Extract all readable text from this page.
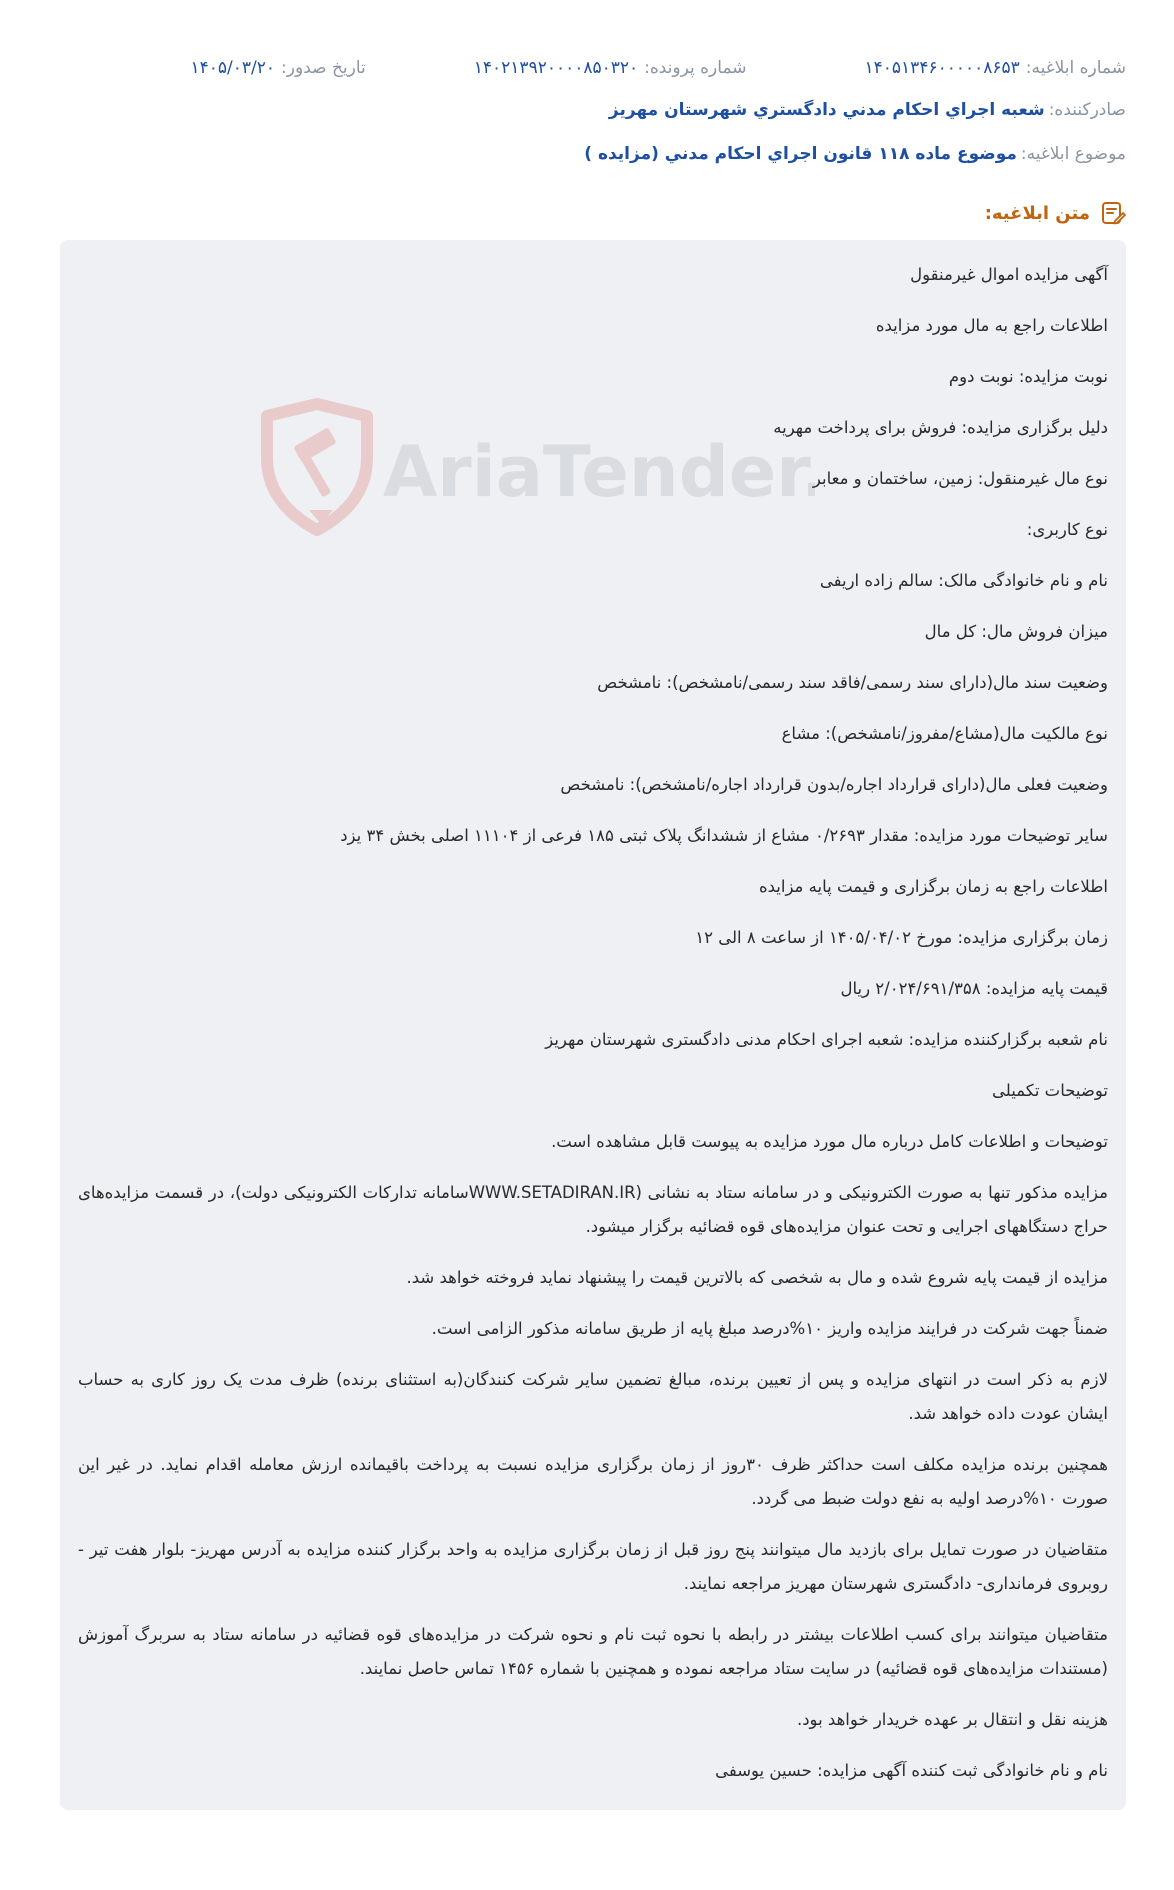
شماره ابلاغیه:
۱۴۰۵۱۳۴۶۰۰۰۰۰۸۶۵۳
شماره پرونده:
۱۴۰۲۱۳۹۲۰۰۰۰۸۵۰۳۲۰
تاریخ صدور:
۱۴۰۵/۰۳/۲۰
صادرکننده:
شعبه اجراي احكام مدني دادگستري شهرستان مهريز
موضوع ابلاغیه:
موضوع ماده ۱۱۸ قانون اجراي احكام مدني (مزايده )
متن ابلاغیه:
AriaTender

آگهی مزایده اموال غیرمنقول

اطلاعات راجع به مال مورد مزایده

نوبت مزایده: نوبت دوم

دلیل برگزاری مزایده: فروش برای پرداخت مهریه

نوع مال غیرمنقول: زمین، ساختمان و معابر

نوع کاربری:

نام و نام خانوادگی مالک: سالم زاده اریفی

میزان فروش مال: کل مال

وضعیت سند مال(دارای سند رسمی/فاقد سند رسمی/نامشخص): نامشخص

نوع مالکیت مال(مشاع/مفروز/نامشخص): مشاع

وضعیت فعلی مال(دارای قرارداد اجاره/بدون قرارداد اجاره/نامشخص): نامشخص

سایر توضیحات مورد مزایده: مقدار ۰/۲۶۹۳ مشاع از ششدانگ پلاک ثبتی ۱۸۵ فرعی از ۱۱۱۰۴ اصلی بخش ۳۴ یزد

اطلاعات راجع به زمان برگزاری و قیمت پایه مزایده

زمان برگزاری مزایده: مورخ ۱۴۰۵/۰۴/۰۲ از ساعت ۸ الی ۱۲

قیمت پایه مزایده: ۲/۰۲۴/۶۹۱/۳۵۸ ریال

نام شعبه برگزارکننده مزایده: شعبه اجرای احکام مدنی دادگستری شهرستان مهریز

توضیحات تکمیلی

توضیحات و اطلاعات کامل درباره مال مورد مزایده به پیوست قابل مشاهده است.

مزایده مذکور تنها به صورت الکترونیکی و در سامانه ستاد به نشانی (WWW.SETADIRAN.IRسامانه تدارکات الکترونیکی دولت)، در قسمت مزایده‌های حراج دستگاههای اجرایی و تحت عنوان مزایده‌های قوه قضائیه برگزار میشود.

مزایده از قیمت پایه شروع شده و مال به شخصی که بالاترین قیمت را پیشنهاد نماید فروخته خواهد شد.

ضمناً جهت شرکت در فرایند مزایده واریز ۱۰%درصد مبلغ پایه از طریق سامانه مذکور الزامی است.

لازم به ذکر است در انتهای مزایده و پس از تعیین برنده، مبالغ تضمین سایر شرکت کنندگان(به استثنای برنده) ظرف مدت یک روز کاری به حساب ایشان عودت داده خواهد شد.

همچنین برنده مزایده مکلف است حداکثر ظرف ۳۰روز از زمان برگزاری مزایده نسبت به پرداخت باقیمانده ارزش معامله اقدام نماید. در غیر این صورت ۱۰%درصد اولیه به نفع دولت ضبط می گردد.

متقاضیان در صورت تمایل برای بازدید مال میتوانند پنج روز قبل از زمان برگزاری مزایده به واحد برگزار کننده مزایده به آدرس مهریز- بلوار هفت تیر - روبروی فرمانداری- دادگستری شهرستان مهریز مراجعه نمایند.

متقاضیان میتوانند برای کسب اطلاعات بیشتر در رابطه با نحوه ثبت نام و نحوه شرکت در مزایده‌های قوه قضائیه در سامانه ستاد به سربرگ آموزش (مستندات مزایده‌های قوه قضائیه) در سایت ستاد مراجعه نموده و همچنین با شماره ۱۴۵۶ تماس حاصل نمایند.

هزینه نقل و انتقال بر عهده خریدار خواهد بود.

نام و نام خانوادگی ثبت کننده آگهی مزایده: حسین یوسفی
